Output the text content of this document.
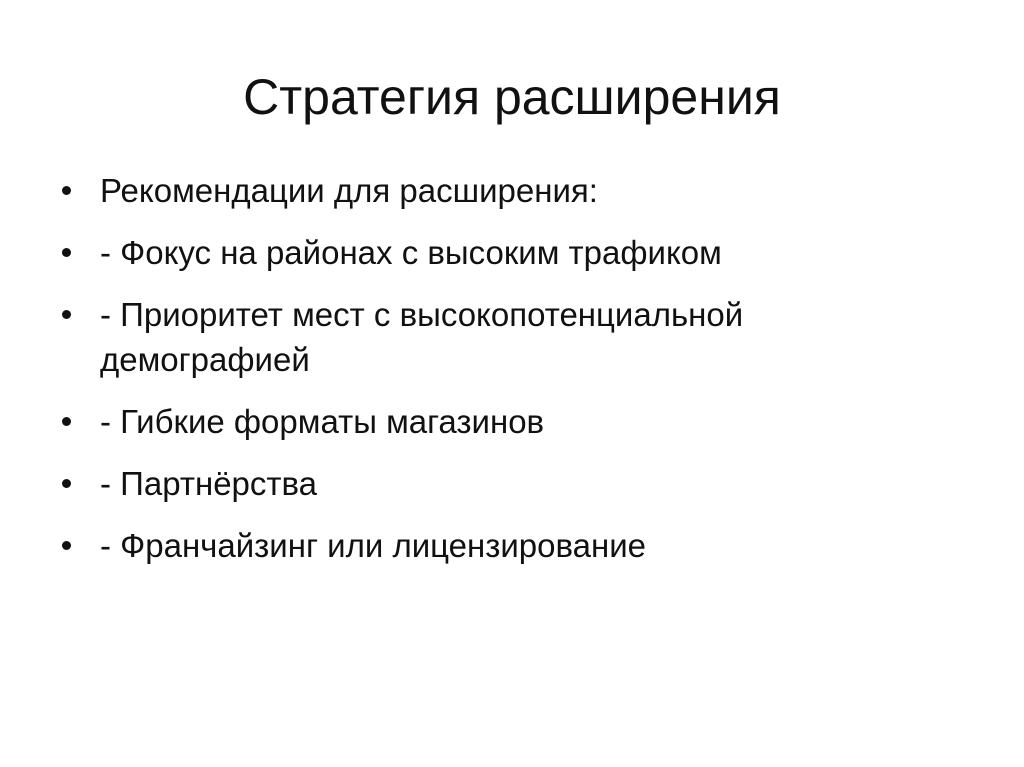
Стратегия расширения
Рекомендации для расширения:
- Фокус на районах с высоким трафиком
- Приоритет мест с высокопотенциальной демографией
- Гибкие форматы магазинов
- Партнёрства
- Франчайзинг или лицензирование
